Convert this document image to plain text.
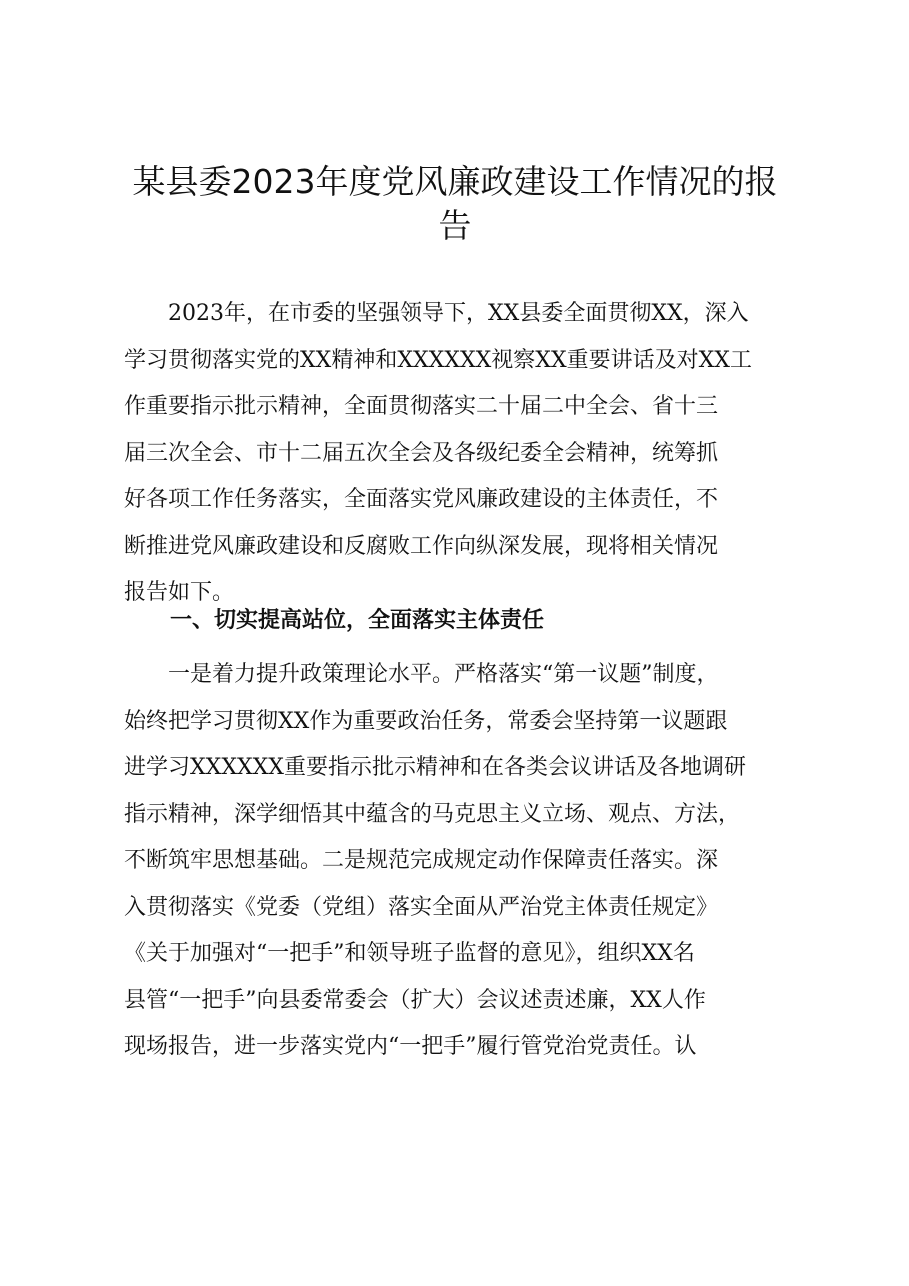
某县委2023年度党风廉政建设工作情况的报
告
2023年，在市委的坚强领导下，XX县委全面贯彻XX，深入
学习贯彻落实党的XX精神和XXXXXX视察XX重要讲话及对XX工
作重要指示批示精神，全面贯彻落实二十届二中全会、省十三
届三次全会、市十二届五次全会及各级纪委全会精神，统筹抓
好各项工作任务落实，全面落实党风廉政建设的主体责任，不
断推进党风廉政建设和反腐败工作向纵深发展，现将相关情况
报告如下。
一、切实提高站位，全面落实主体责任
一是着力提升政策理论水平。严格落实“第一议题”制度，
始终把学习贯彻XX作为重要政治任务，常委会坚持第一议题跟
进学习XXXXXX重要指示批示精神和在各类会议讲话及各地调研
指示精神，深学细悟其中蕴含的马克思主义立场、观点、方法，
不断筑牢思想基础。二是规范完成规定动作保障责任落实。深
入贯彻落实《党委（党组）落实全面从严治党主体责任规定》
《关于加强对“一把手”和领导班子监督的意见》，组织XX名
县管“一把手”向县委常委会（扩大）会议述责述廉，XX人作
现场报告，进一步落实党内“一把手”履行管党治党责任。认
